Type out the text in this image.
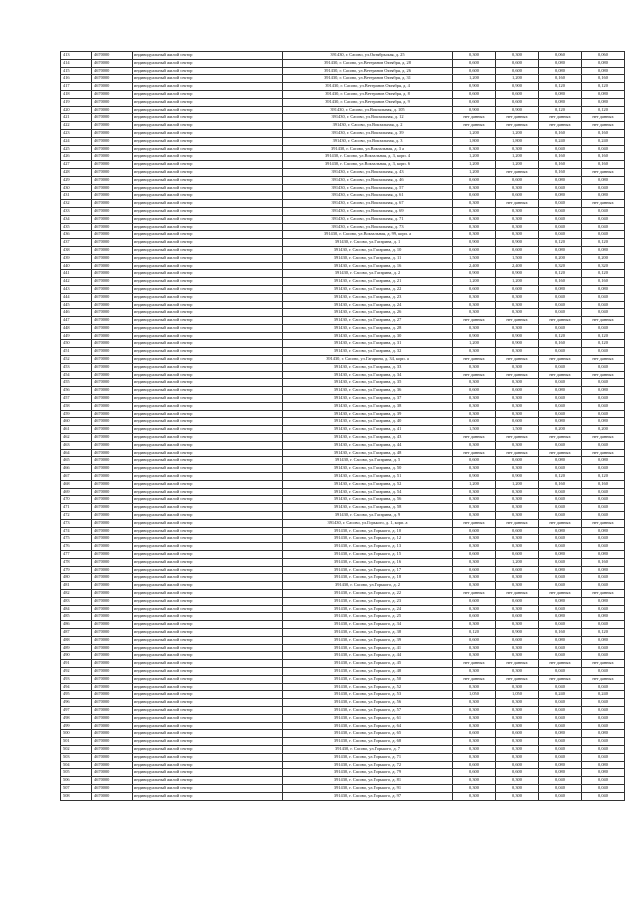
413	4670000	индивидуальный жилой сектор	391430, г. Сасово, ул.Октябрьская, д. 25	0,300	0,300	0,060	0,060
414	4670000	индивидуальный жилой сектор	391430, г. Сасово, ул.Ветеранов Октября, д. 28	0,600	0,600	0,080	0,080
415	4670000	индивидуальный жилой сектор	391430, г. Сасово, ул.Ветеранов Октября, д. 26	0,600	0,600	0,080	0,080
416	4670000	индивидуальный жилой сектор	391430, г. Сасово, ул.Ветеранов Октября, д. 31	1,200	1,200	0,160	0,160
417	4670000	индивидуальный жилой сектор	391430, г. Сасово, ул.Ветеранов Октября, д. 4	0,900	0,900	0,120	0,120
418	4670000	индивидуальный жилой сектор	391430, г. Сасово, ул.Ветеранов Октября, д. 8	0,600	0,600	0,080	0,080
419	4670000	индивидуальный жилой сектор	391430, г. Сасово, ул.Ветеранов Октября, д. 9	0,600	0,600	0,080	0,080
420	4670000	индивидуальный жилой сектор	391430, г. Сасово, ул.Вокзальная, д. 105	0,900	0,900	0,120	0,120
421	4670000	индивидуальный жилой сектор	391430, г. Сасово, ул.Вокзальная, д. 12	нет данных	нет данных	нет данных	нет данных
422	4670000	индивидуальный жилой сектор	391430, г. Сасово, ул.Вокзальная, д. 2	нет данных	нет данных	нет данных	нет данных
423	4670000	индивидуальный жилой сектор	391430, г. Сасово, ул.Вокзальная, д. 39	1,200	1,200	0,160	0,160
424	4670000	индивидуальный жилой сектор	391430, г. Сасово, ул.Вокзальная, д. 3	1,800	1,800	0,240	0,240
425	4670000	индивидуальный жилой сектор	391430, г. Сасово, ул.Вокзальная, д. 3 а	0,300	0,300	0,040	0,040
426	4670000	индивидуальный жилой сектор	391430, г. Сасово, ул.Вокзальная, д. 3, корп. 4	1,200	1,200	0,160	0,160
427	4670000	индивидуальный жилой сектор	391430, г. Сасово, ул.Вокзальная, д. 3, корп. 6	1,200	1,200	0,160	0,160
428	4670000	индивидуальный жилой сектор	391430, г. Сасово, ул.Вокзальная, д. 43	1,200	нет данных	0,160	нет данных
429	4670000	индивидуальный жилой сектор	391430, г. Сасово, ул.Вокзальная, д. 46	0,600	0,600	0,080	0,080
430	4670000	индивидуальный жилой сектор	391430, г. Сасово, ул.Вокзальная, д. 57	0,300	0,300	0,040	0,040
431	4670000	индивидуальный жилой сектор	391430, г. Сасово, ул.Вокзальная, д. 61	0,600	0,600	0,080	0,080
432	4670000	индивидуальный жилой сектор	391430, г. Сасово, ул.Вокзальная, д. 67	0,300	нет данных	0,040	нет данных
433	4670000	индивидуальный жилой сектор	391430, г. Сасово, ул.Вокзальная, д. 69	0,300	0,300	0,040	0,040
434	4670000	индивидуальный жилой сектор	391430, г. Сасово, ул.Вокзальная, д. 71	0,300	0,300	0,040	0,040
435	4670000	индивидуальный жилой сектор	391430, г. Сасово, ул.Вокзальная, д. 73	0,300	0,300	0,040	0,040
436	4670000	индивидуальный жилой сектор	391430, г. Сасово, ул.Вокзальная, д. 99, корп. а	0,300	0,300	0,040	0,040
437	4670000	индивидуальный жилой сектор	391430, г. Сасово, ул.Гагарина, д. 1	0,900	0,900	0,120	0,120
438	4670000	индивидуальный жилой сектор	391430, г. Сасово, ул.Гагарина, д. 10	0,600	0,600	0,080	0,080
439	4670000	индивидуальный жилой сектор	391430, г. Сасово, ул.Гагарина, д. 11	1,500	1,500	0,200	0,200
440	4670000	индивидуальный жилой сектор	391430, г. Сасово, ул.Гагарина, д. 16	2,400	2,400	0,320	0,320
441	4670000	индивидуальный жилой сектор	391430, г. Сасово, ул.Гагарина, д. 2	0,900	0,900	0,120	0,120
442	4670000	индивидуальный жилой сектор	391430, г. Сасово, ул.Гагарина, д. 21	1,200	1,200	0,160	0,160
443	4670000	индивидуальный жилой сектор	391430, г. Сасово, ул.Гагарина, д. 22	0,600	0,600	0,080	0,080
444	4670000	индивидуальный жилой сектор	391430, г. Сасово, ул.Гагарина, д. 23	0,300	0,300	0,040	0,040
445	4670000	индивидуальный жилой сектор	391430, г. Сасово, ул.Гагарина, д. 24	0,300	0,300	0,040	0,040
446	4670000	индивидуальный жилой сектор	391430, г. Сасово, ул.Гагарина, д. 26	0,300	0,300	0,040	0,040
447	4670000	индивидуальный жилой сектор	391430, г. Сасово, ул.Гагарина, д. 27	нет данных	нет данных	нет данных	нет данных
448	4670000	индивидуальный жилой сектор	391430, г. Сасово, ул.Гагарина, д. 28	0,300	0,300	0,040	0,040
449	4670000	индивидуальный жилой сектор	391430, г. Сасово, ул.Гагарина, д. 30	0,900	0,900	0,120	0,120
450	4670000	индивидуальный жилой сектор	391430, г. Сасово, ул.Гагарина, д. 31	1,200	0,900	0,160	0,120
451	4670000	индивидуальный жилой сектор	391430, г. Сасово, ул.Гагарина, д. 32	0,300	0,300	0,040	0,040
452	4670000	индивидуальный жилой сектор	391430, г. Сасово, ул.Гагарина, д. 34, корп. а	нет данных	нет данных	нет данных	нет данных
453	4670000	индивидуальный жилой сектор	391430, г. Сасово, ул.Гагарина, д. 33	0,300	0,300	0,040	0,040
454	4670000	индивидуальный жилой сектор	391430, г. Сасово, ул.Гагарина, д. 34	нет данных	нет данных	нет данных	нет данных
455	4670000	индивидуальный жилой сектор	391430, г. Сасово, ул.Гагарина, д. 35	0,300	0,300	0,040	0,040
456	4670000	индивидуальный жилой сектор	391430, г. Сасово, ул.Гагарина, д. 36	0,600	0,600	0,080	0,080
457	4670000	индивидуальный жилой сектор	391430, г. Сасово, ул.Гагарина, д. 37	0,300	0,300	0,040	0,040
458	4670000	индивидуальный жилой сектор	391430, г. Сасово, ул.Гагарина, д. 38	0,300	0,300	0,040	0,040
459	4670000	индивидуальный жилой сектор	391430, г. Сасово, ул.Гагарина, д. 39	0,300	0,300	0,040	0,040
460	4670000	индивидуальный жилой сектор	391430, г. Сасово, ул.Гагарина, д. 40	0,600	0,600	0,080	0,080
461	4670000	индивидуальный жилой сектор	391430, г. Сасово, ул.Гагарина, д. 41	1,500	1,500	0,200	0,200
462	4670000	индивидуальный жилой сектор	391430, г. Сасово, ул.Гагарина, д. 43	нет данных	нет данных	нет данных	нет данных
463	4670000	индивидуальный жилой сектор	391430, г. Сасово, ул.Гагарина, д. 44	0,300	0,300	0,040	0,040
464	4670000	индивидуальный жилой сектор	391430, г. Сасово, ул.Гагарина, д. 48	нет данных	нет данных	нет данных	нет данных
465	4670000	индивидуальный жилой сектор	391430, г. Сасово, ул.Гагарина, д. 5	0,600	0,600	0,080	0,080
466	4670000	индивидуальный жилой сектор	391430, г. Сасово, ул.Гагарина, д. 50	0,300	0,300	0,040	0,040
467	4670000	индивидуальный жилой сектор	391430, г. Сасово, ул.Гагарина, д. 51	0,900	0,900	0,120	0,120
468	4670000	индивидуальный жилой сектор	391430, г. Сасово, ул.Гагарина, д. 52	1,200	1,200	0,160	0,160
469	4670000	индивидуальный жилой сектор	391430, г. Сасово, ул.Гагарина, д. 54	0,300	0,300	0,040	0,040
470	4670000	индивидуальный жилой сектор	391430, г. Сасово, ул.Гагарина, д. 56	0,300	0,300	0,040	0,040
471	4670000	индивидуальный жилой сектор	391430, г. Сасово, ул.Гагарина, д. 58	0,300	0,300	0,040	0,040
472	4670000	индивидуальный жилой сектор	391430, г. Сасово, ул.Гагарина, д. 9	0,300	0,300	0,040	0,040
473	4670000	индивидуальный жилой сектор	391430, г. Сасово, ул.Горького, д. 1, корп. а	нет данных	нет данных	нет данных	нет данных
474	4670000	индивидуальный жилой сектор	391430, г. Сасово, ул.Горького, д. 10	0,600	0,600	0,080	0,080
475	4670000	индивидуальный жилой сектор	391430, г. Сасово, ул.Горького, д. 12	0,300	0,300	0,040	0,040
476	4670000	индивидуальный жилой сектор	391430, г. Сасово, ул.Горького, д. 13	0,300	0,300	0,040	0,040
477	4670000	индивидуальный жилой сектор	391430, г. Сасово, ул.Горького, д. 15	0,600	0,600	0,080	0,080
478	4670000	индивидуальный жилой сектор	391430, г. Сасово, ул.Горького, д. 16	0,300	1,200	0,040	0,160
479	4670000	индивидуальный жилой сектор	391430, г. Сасово, ул.Горького, д. 17	0,600	0,600	0,080	0,080
480	4670000	индивидуальный жилой сектор	391430, г. Сасово, ул.Горького, д. 18	0,300	0,300	0,040	0,040
481	4670000	индивидуальный жилой сектор	391430, г. Сасово, ул.Горького, д. 2	0,300	0,300	0,040	0,040
482	4670000	индивидуальный жилой сектор	391430, г. Сасово, ул.Горького, д. 22	нет данных	нет данных	нет данных	нет данных
483	4670000	индивидуальный жилой сектор	391430, г. Сасово, ул.Горького, д. 23	0,600	0,600	0,080	0,080
484	4670000	индивидуальный жилой сектор	391430, г. Сасово, ул.Горького, д. 24	0,300	0,300	0,040	0,040
485	4670000	индивидуальный жилой сектор	391430, г. Сасово, ул.Горького, д. 25	0,600	0,600	0,080	0,080
486	4670000	индивидуальный жилой сектор	391430, г. Сасово, ул.Горького, д. 34	0,300	0,300	0,040	0,040
487	4670000	индивидуальный жилой сектор	391430, г. Сасово, ул.Горького, д. 38	0,120	0,900	0,160	0,120
488	4670000	индивидуальный жилой сектор	391430, г. Сасово, ул.Горького, д. 39	0,600	0,600	0,080	0,080
489	4670000	индивидуальный жилой сектор	391430, г. Сасово, ул.Горького, д. 41	0,300	0,300	0,040	0,040
490	4670000	индивидуальный жилой сектор	391430, г. Сасово, ул.Горького, д. 44	0,300	0,300	0,040	0,040
491	4670000	индивидуальный жилой сектор	391430, г. Сасово, ул.Горького, д. 45	нет данных	нет данных	нет данных	нет данных
492	4670000	индивидуальный жилой сектор	391430, г. Сасово, ул.Горького, д. 48	0,300	0,300	0,040	0,040
493	4670000	индивидуальный жилой сектор	391430, г. Сасово, ул.Горького, д. 50	нет данных	нет данных	нет данных	нет данных
494	4670000	индивидуальный жилой сектор	391430, г. Сасово, ул.Горького, д. 52	0,300	0,300	0,040	0,040
495	4670000	индивидуальный жилой сектор	391430, г. Сасово, ул.Горького, д. 53	1,050	1,050	0,240	0,240
496	4670000	индивидуальный жилой сектор	391430, г. Сасово, ул.Горького, д. 56	0,300	0,300	0,040	0,040
497	4670000	индивидуальный жилой сектор	391430, г. Сасово, ул.Горького, д. 57	0,300	0,300	0,040	0,040
498	4670000	индивидуальный жилой сектор	391430, г. Сасово, ул.Горького, д. 61	0,300	0,300	0,040	0,040
499	4670000	индивидуальный жилой сектор	391430, г. Сасово, ул.Горького, д. 64	0,300	0,300	0,040	0,040
500	4670000	индивидуальный жилой сектор	391430, г. Сасово, ул.Горького, д. 65	0,600	0,600	0,080	0,080
501	4670000	индивидуальный жилой сектор	391430, г. Сасово, ул.Горького, д. 68	0,300	0,300	0,040	0,040
502	4670000	индивидуальный жилой сектор	391430, г. Сасово, ул.Горького, д. 7	0,300	0,300	0,040	0,040
503	4670000	индивидуальный жилой сектор	391430, г. Сасово, ул.Горького, д. 71	0,300	0,300	0,040	0,040
504	4670000	индивидуальный жилой сектор	391430, г. Сасово, ул.Горького, д. 72	0,600	0,600	0,080	0,080
505	4670000	индивидуальный жилой сектор	391430, г. Сасово, ул.Горького, д. 79	0,600	0,600	0,080	0,080
506	4670000	индивидуальный жилой сектор	391430, г. Сасово, ул.Горького, д. 81	0,300	0,300	0,040	0,040
507	4670000	индивидуальный жилой сектор	391430, г. Сасово, ул.Горького, д. 91	0,300	0,300	0,040	0,040
508	4670000	индивидуальный жилой сектор	391430, г. Сасово, ул.Горького, д. 97	0,300	0,300	0,040	0,040
